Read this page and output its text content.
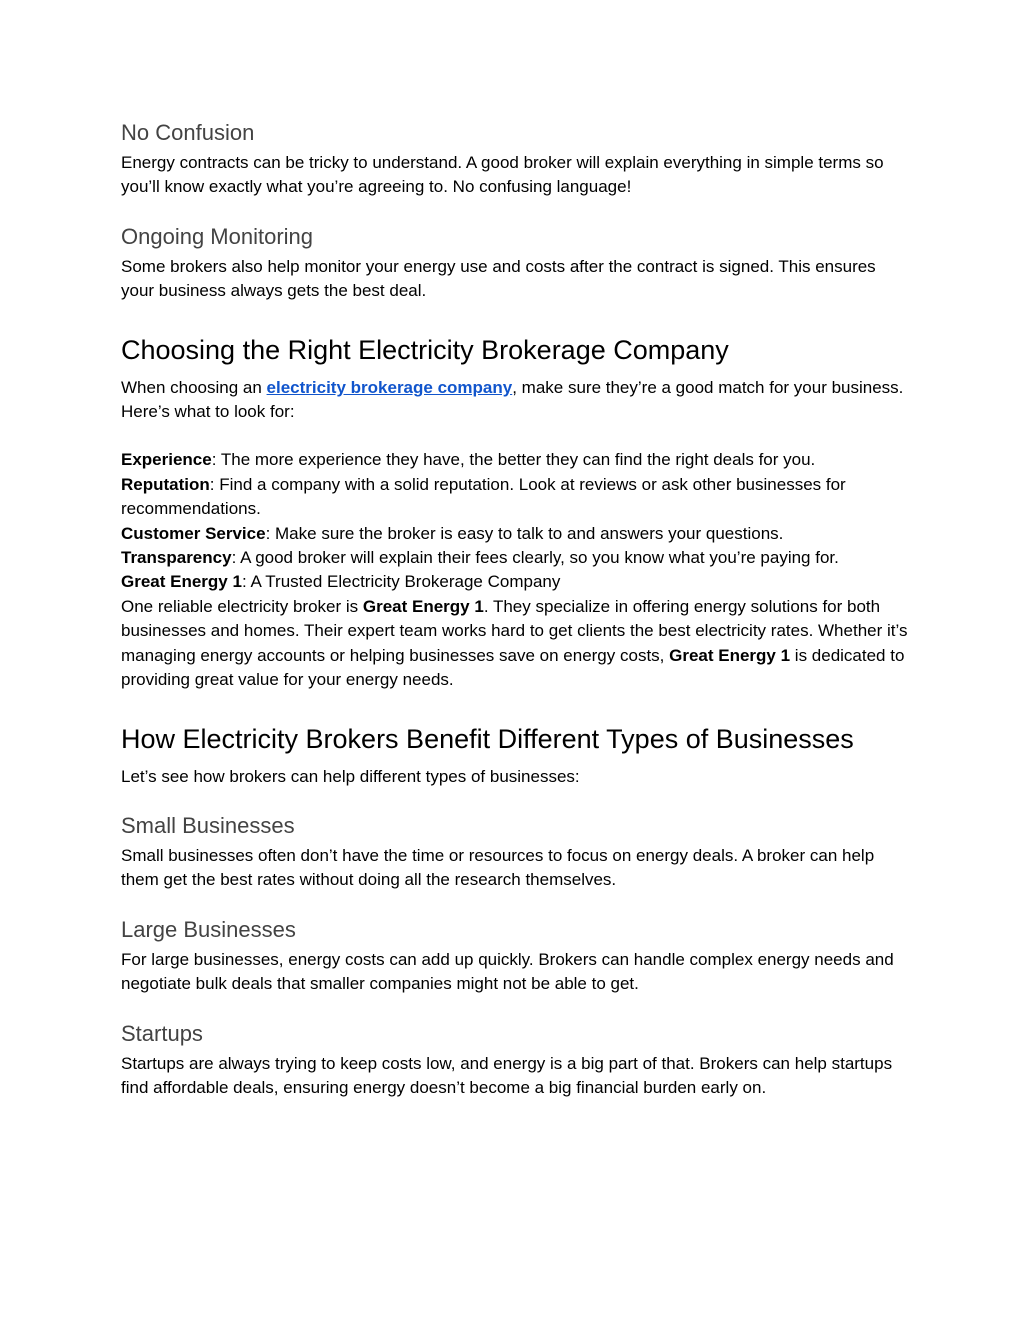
No Confusion

Energy contracts can be tricky to understand. A good broker will explain everything in simple terms so you’ll know exactly what you’re agreeing to. No confusing language!

Ongoing Monitoring

Some brokers also help monitor your energy use and costs after the contract is signed. This ensures your business always gets the best deal.

Choosing the Right Electricity Brokerage Company

When choosing an electricity brokerage company, make sure they’re a good match for your business. Here’s what to look for:

Experience: The more experience they have, the better they can find the right deals for you.

Reputation: Find a company with a solid reputation. Look at reviews or ask other businesses for recommendations.

Customer Service: Make sure the broker is easy to talk to and answers your questions.

Transparency: A good broker will explain their fees clearly, so you know what you’re paying for.

Great Energy 1: A Trusted Electricity Brokerage Company

One reliable electricity broker is Great Energy 1. They specialize in offering energy solutions for both businesses and homes. Their expert team works hard to get clients the best electricity rates. Whether it’s managing energy accounts or helping businesses save on energy costs, Great Energy 1 is dedicated to providing great value for your energy needs.

How Electricity Brokers Benefit Different Types of Businesses

Let’s see how brokers can help different types of businesses:

Small Businesses

Small businesses often don’t have the time or resources to focus on energy deals. A broker can help them get the best rates without doing all the research themselves.

Large Businesses

For large businesses, energy costs can add up quickly. Brokers can handle complex energy needs and negotiate bulk deals that smaller companies might not be able to get.

Startups

Startups are always trying to keep costs low, and energy is a big part of that. Brokers can help startups find affordable deals, ensuring energy doesn’t become a big financial burden early on.
